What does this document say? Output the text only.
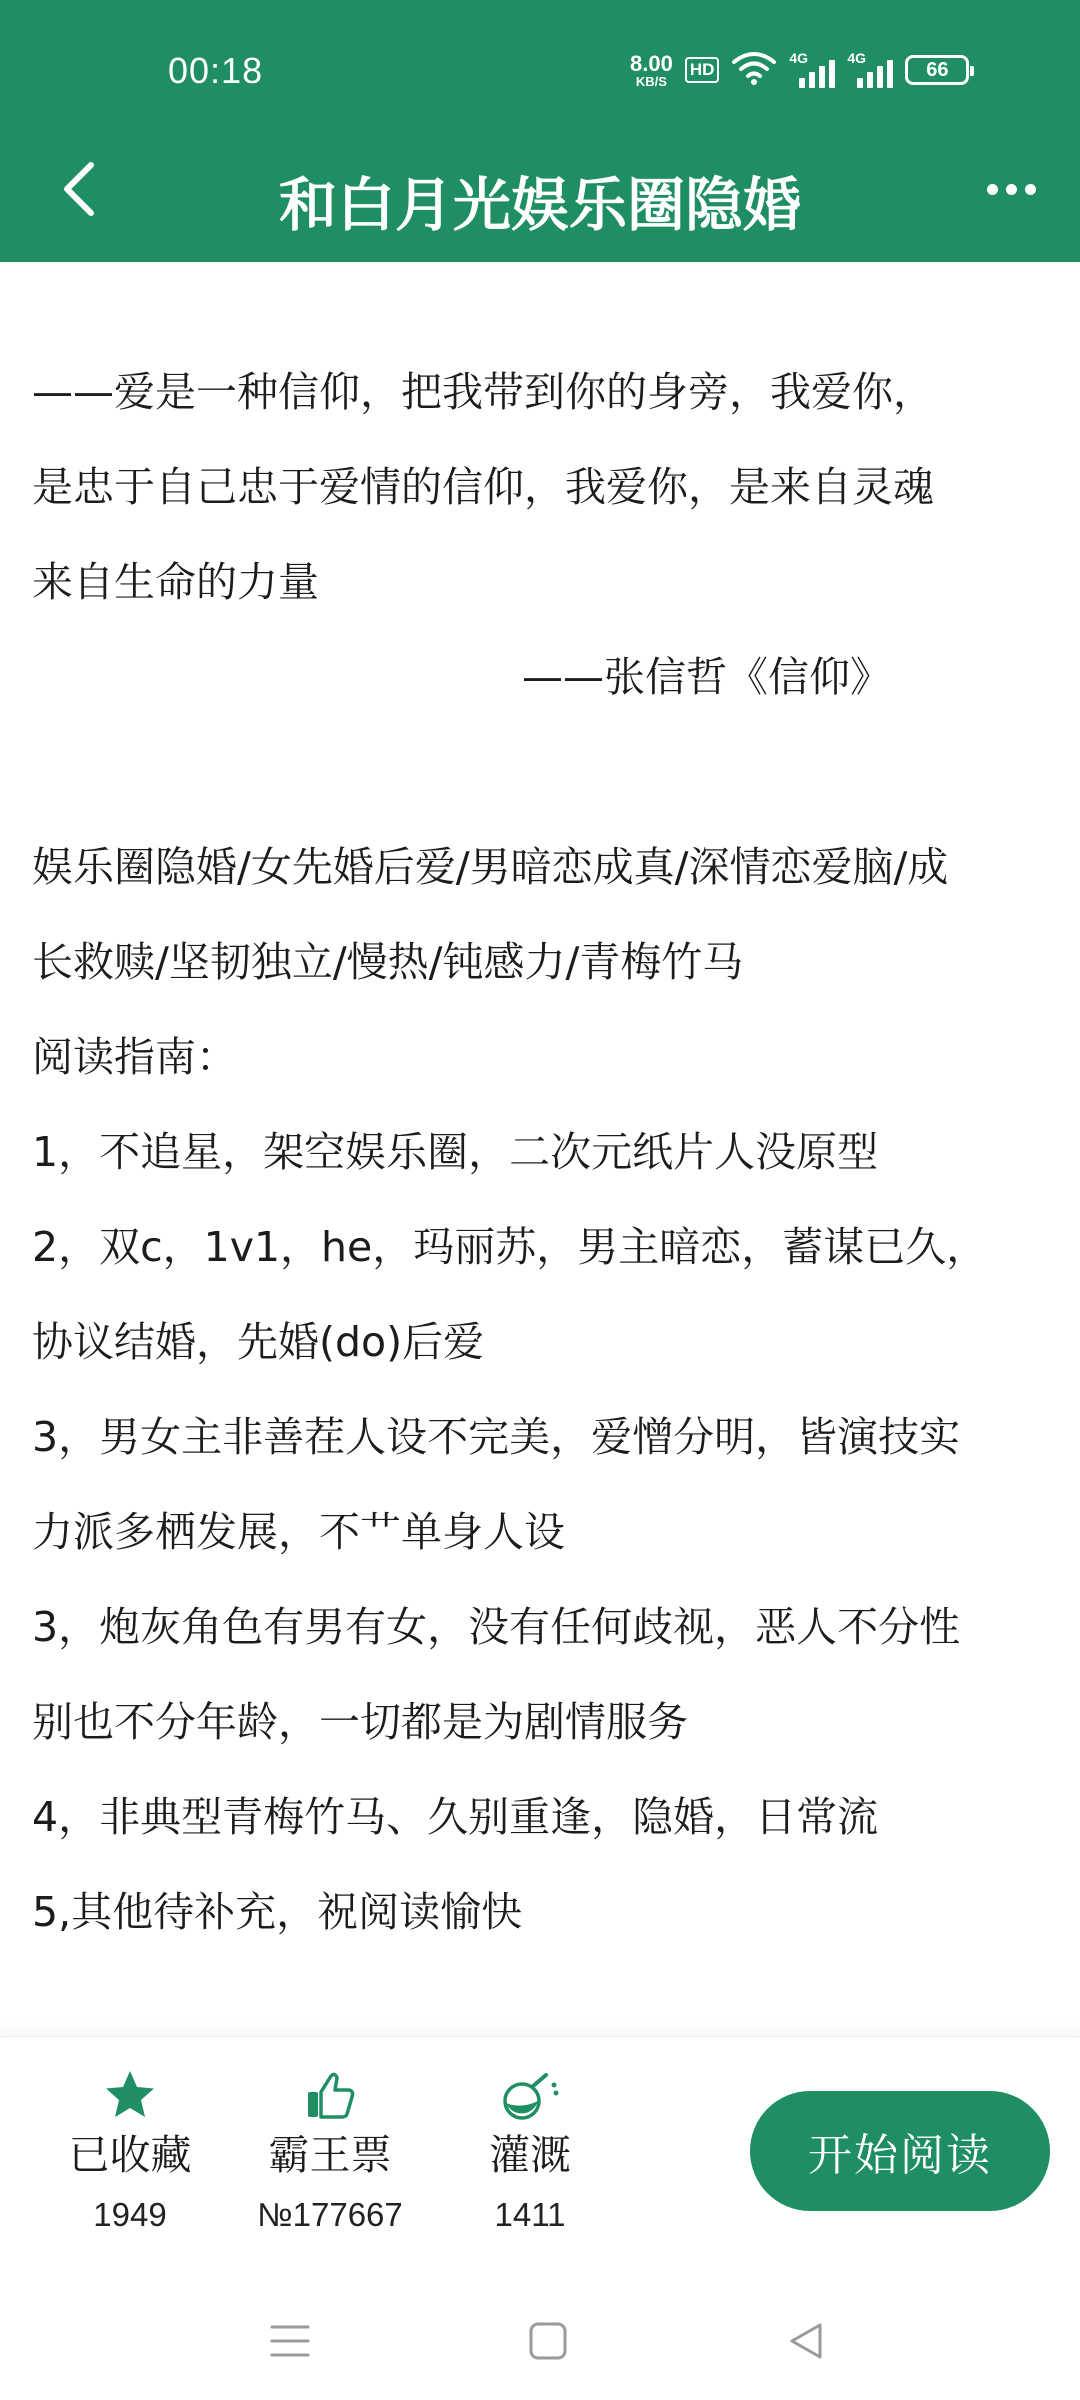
00:18	8.00
KB/S
HD
4G	4G
66
和白月光娱乐圈隐婚
——爱是一种信仰，把我带到你的身旁，我爱你，
是忠于自己忠于爱情的信仰，我爱你，是来自灵魂
来自生命的力量
——张信哲《信仰》
娱乐圈隐婚/女先婚后爱/男暗恋成真/深情恋爱脑/成
长救赎/坚韧独立/慢热/钝感力/青梅竹马
阅读指南：
1，不追星，架空娱乐圈，二次元纸片人没原型
2，双c，1v1，he，玛丽苏，男主暗恋，蓄谋已久，
协议结婚，先婚(do)后爱
3，男女主非善茬人设不完美，爱憎分明，皆演技实
力派多栖发展，不艹单身人设
3，炮灰角色有男有女，没有任何歧视，恶人不分性
别也不分年龄，一切都是为剧情服务
4，非典型青梅竹马、久别重逢，隐婚，日常流
5,其他待补充，祝阅读愉快
已收藏
1949
霸王票
№177667
灌溉
1411
开始阅读
